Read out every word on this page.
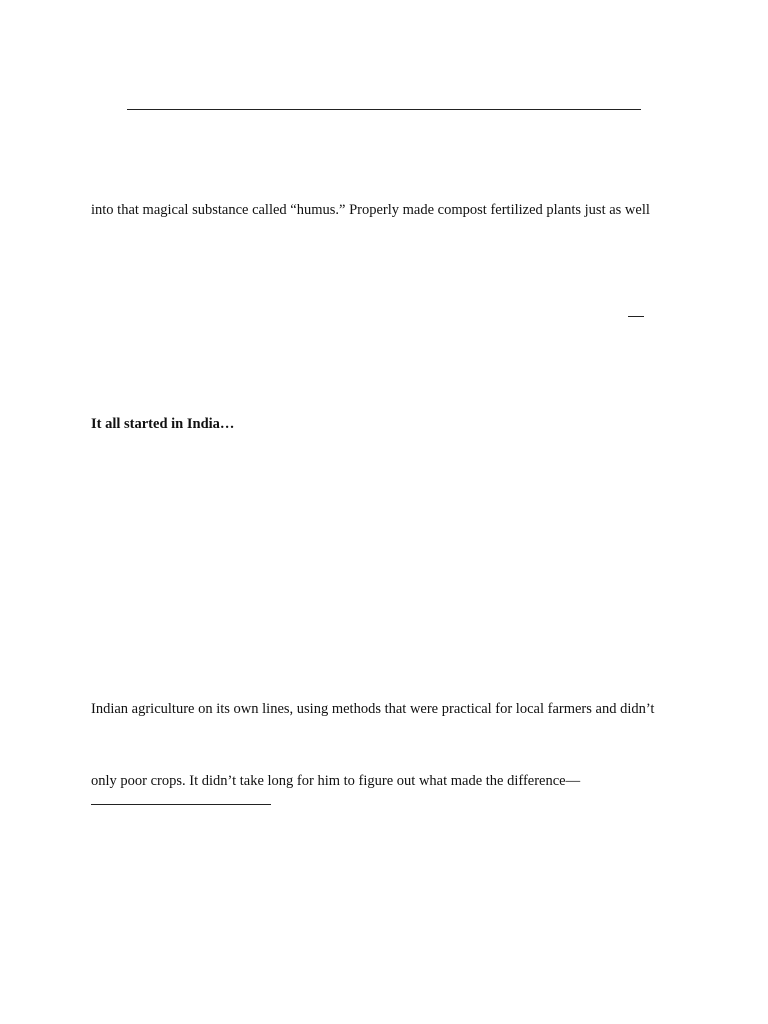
into that magical substance called “humus.” Properly made compost fertilized plants just as well
It all started in India…
Indian agriculture on its own lines, using methods that were practical for local farmers and didn’t
only poor crops. It didn’t take long for him to figure out what made the difference—
